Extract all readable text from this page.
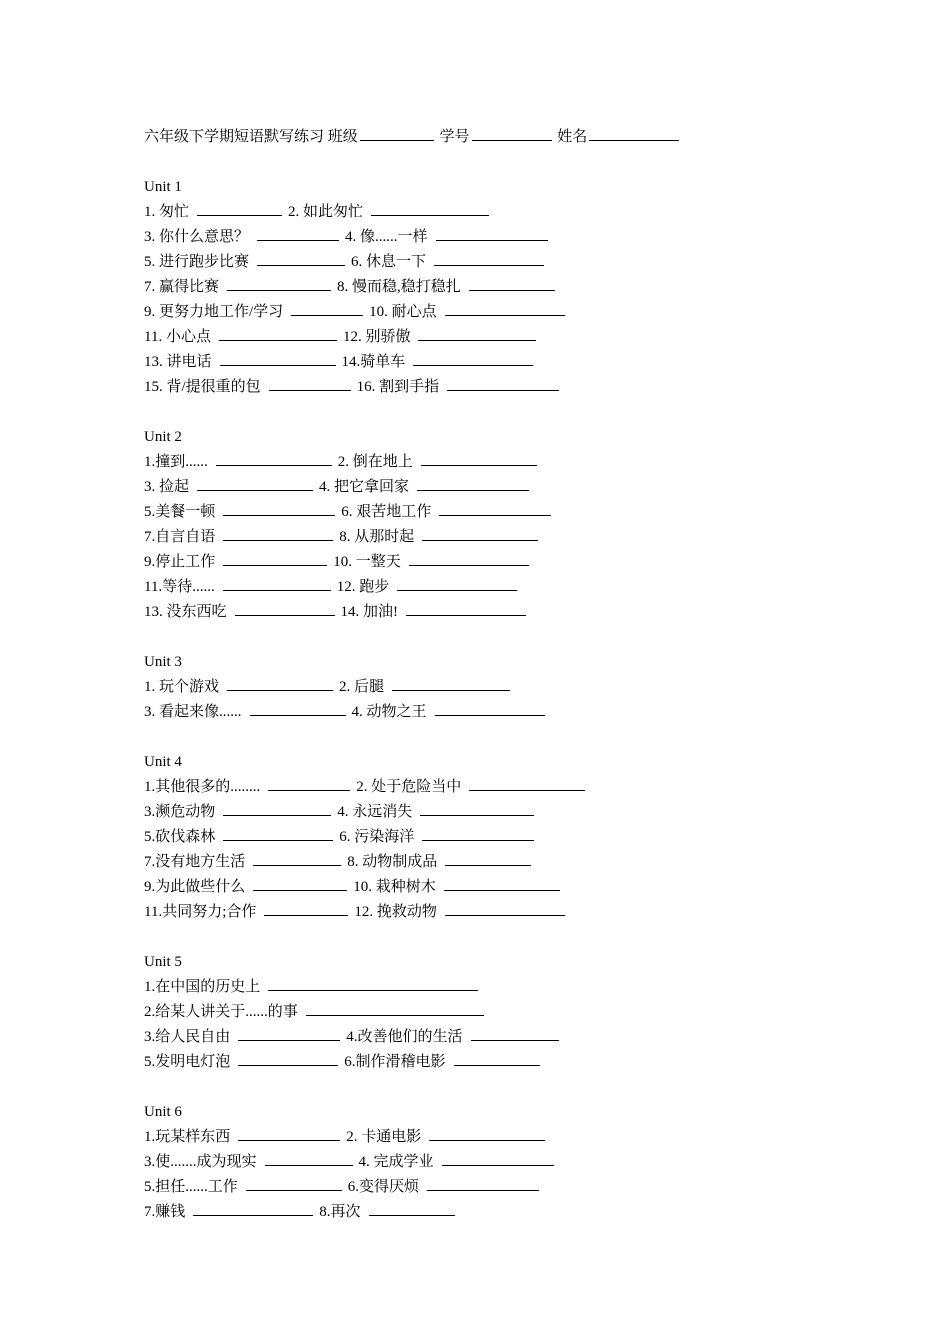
六年级下学期短语默写练习 班级	学号	姓名
Unit 1
1. 匆忙	2. 如此匆忙
3. 你什么意思？	4. 像......一样
5. 进行跑步比赛	6. 休息一下
7. 赢得比赛	8. 慢而稳,稳打稳扎
9. 更努力地工作/学习	10. 耐心点
11. 小心点	12. 别骄傲
13. 讲电话	14.骑单车
15. 背/提很重的包	16. 割到手指
Unit 2
1.撞到......	2. 倒在地上
3. 捡起	4. 把它拿回家
5.美餐一顿	6. 艰苦地工作
7.自言自语	8. 从那时起
9.停止工作	10. 一整天
11.等待......	12. 跑步
13. 没东西吃	14. 加油!
Unit 3
1. 玩个游戏	2. 后腿
3. 看起来像......	4. 动物之王
Unit 4
1.其他很多的........	2. 处于危险当中
3.濒危动物	4. 永远消失
5.砍伐森林	6. 污染海洋
7.没有地方生活	8. 动物制成品
9.为此做些什么	10. 栽种树木
11.共同努力;合作	12. 挽救动物
Unit 5
1.在中国的历史上
2.给某人讲关于......的事
3.给人民自由	4.改善他们的生活
5.发明电灯泡	6.制作滑稽电影
Unit 6
1.玩某样东西	2. 卡通电影
3.使.......成为现实	4. 完成学业
5.担任......工作	6.变得厌烦
7.赚钱	8.再次
